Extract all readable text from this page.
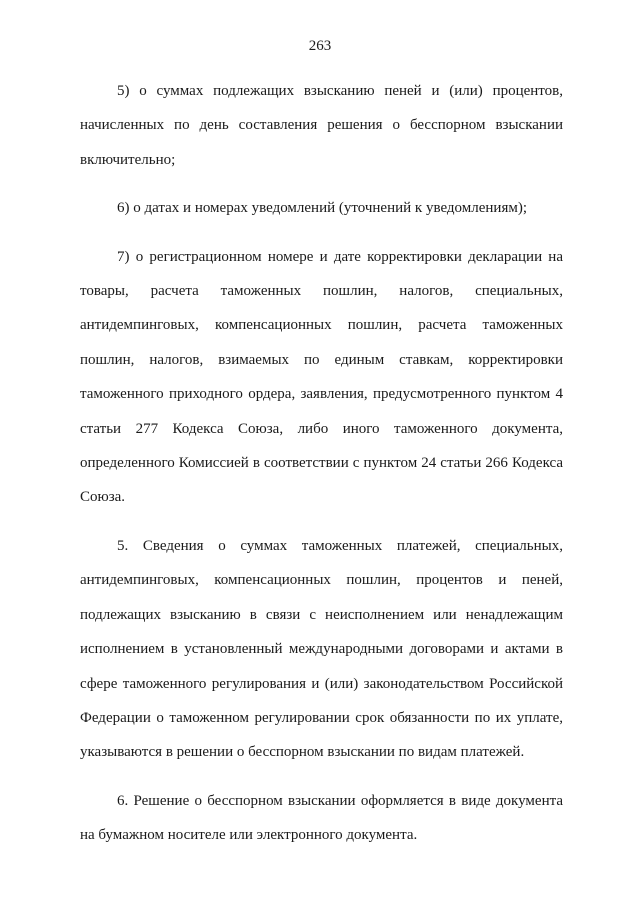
263

5) о суммах подлежащих взысканию пеней и (или) процентов, начисленных по день составления решения о бесспорном взыскании включительно;

6) о датах и номерах уведомлений (уточнений к уведомлениям);

7) о регистрационном номере и дате корректировки декларации на товары, расчета таможенных пошлин, налогов, специальных, антидемпинговых, компенсационных пошлин, расчета таможенных пошлин, налогов, взимаемых по единым ставкам, корректировки таможенного приходного ордера, заявления, предусмотренного пунктом 4 статьи 277 Кодекса Союза, либо иного таможенного документа, определенного Комиссией в соответствии с пунктом 24 статьи 266 Кодекса Союза.

5. Сведения о суммах таможенных платежей, специальных, антидемпинговых, компенсационных пошлин, процентов и пеней, подлежащих взысканию в связи с неисполнением или ненадлежащим исполнением в установленный международными договорами и актами в сфере таможенного регулирования и (или) законодательством Российской Федерации о таможенном регулировании срок обязанности по их уплате, указываются в решении о бесспорном взыскании по видам платежей.

6. Решение о бесспорном взыскании оформляется в виде документа на бумажном носителе или электронного документа.
